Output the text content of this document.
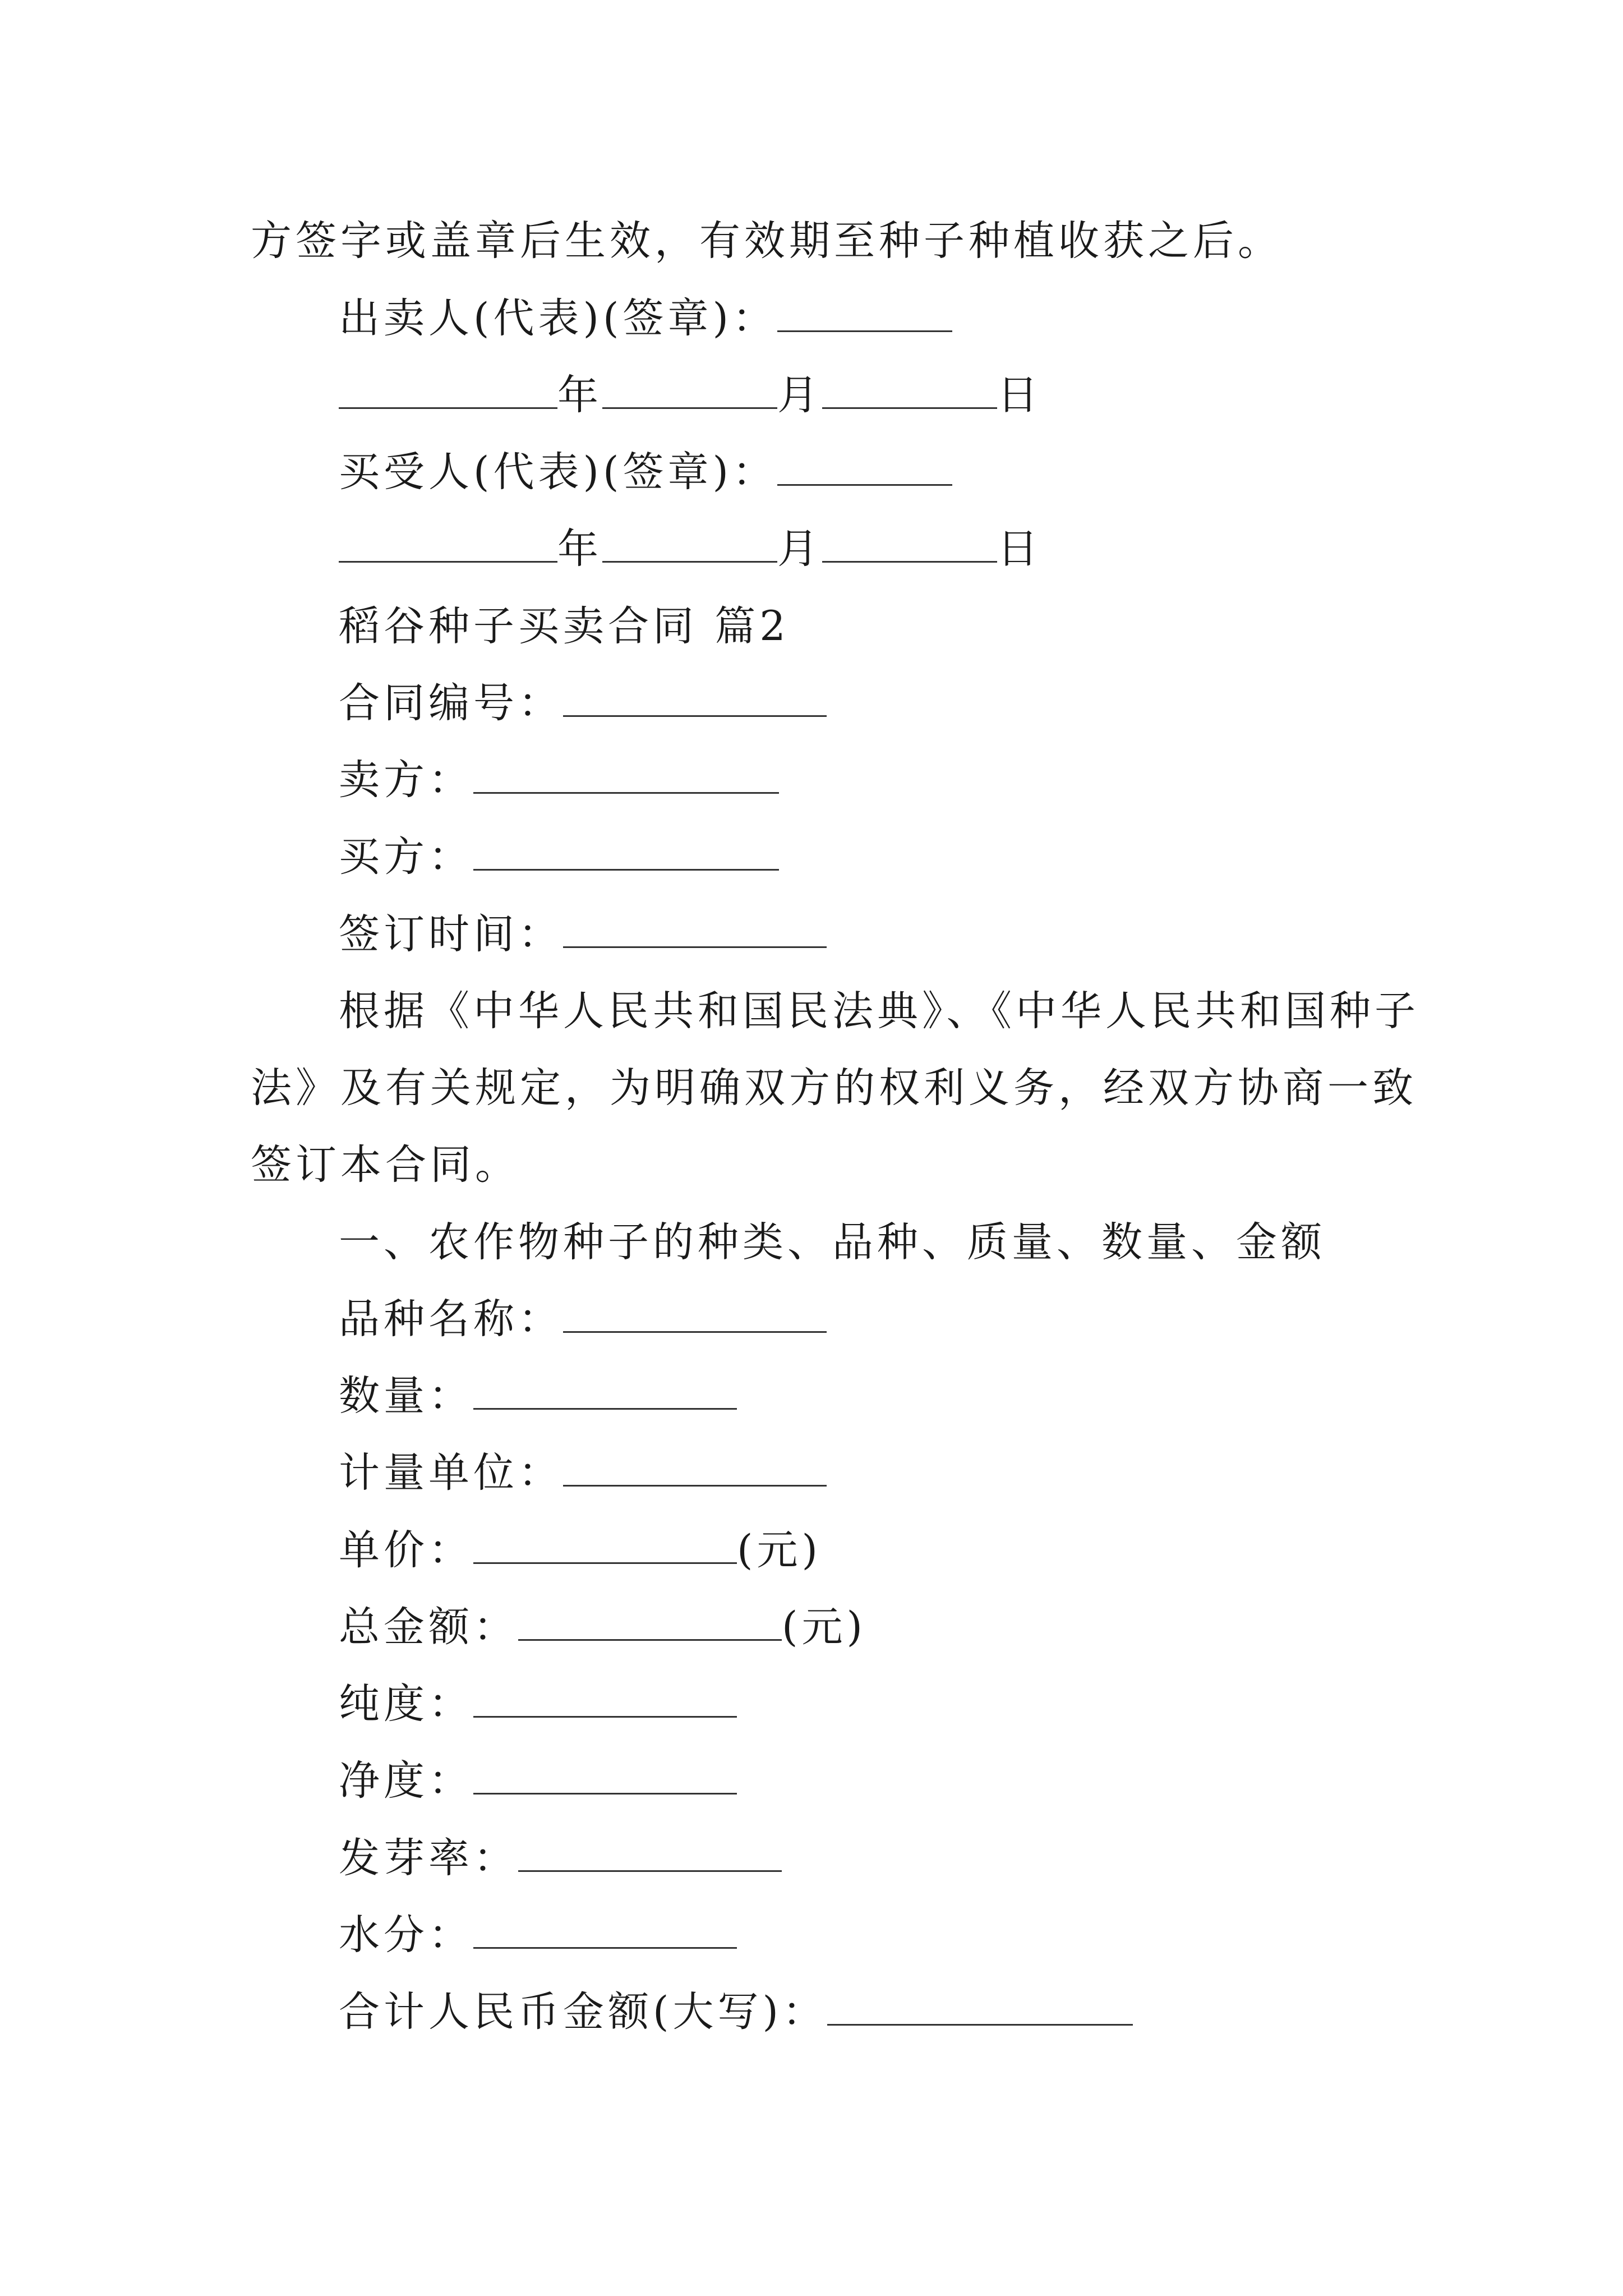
方签字或盖章后生效，有效期至种子种植收获之后。
出卖人(代表)(签章)：
年	月	日
买受人(代表)(签章)：
年	月	日
稻谷种子买卖合同 篇2
合同编号：
卖方：
买方：
签订时间：
根据《中华人民共和国民法典》、《中华人民共和国种子
法》及有关规定，为明确双方的权利义务，经双方协商一致
签订本合同。
一、农作物种子的种类、品种、质量、数量、金额
品种名称：
数量：
计量单位：
单价：	(元)
总金额：	(元)
纯度：
净度：
发芽率：
水分：
合计人民币金额(大写)：
